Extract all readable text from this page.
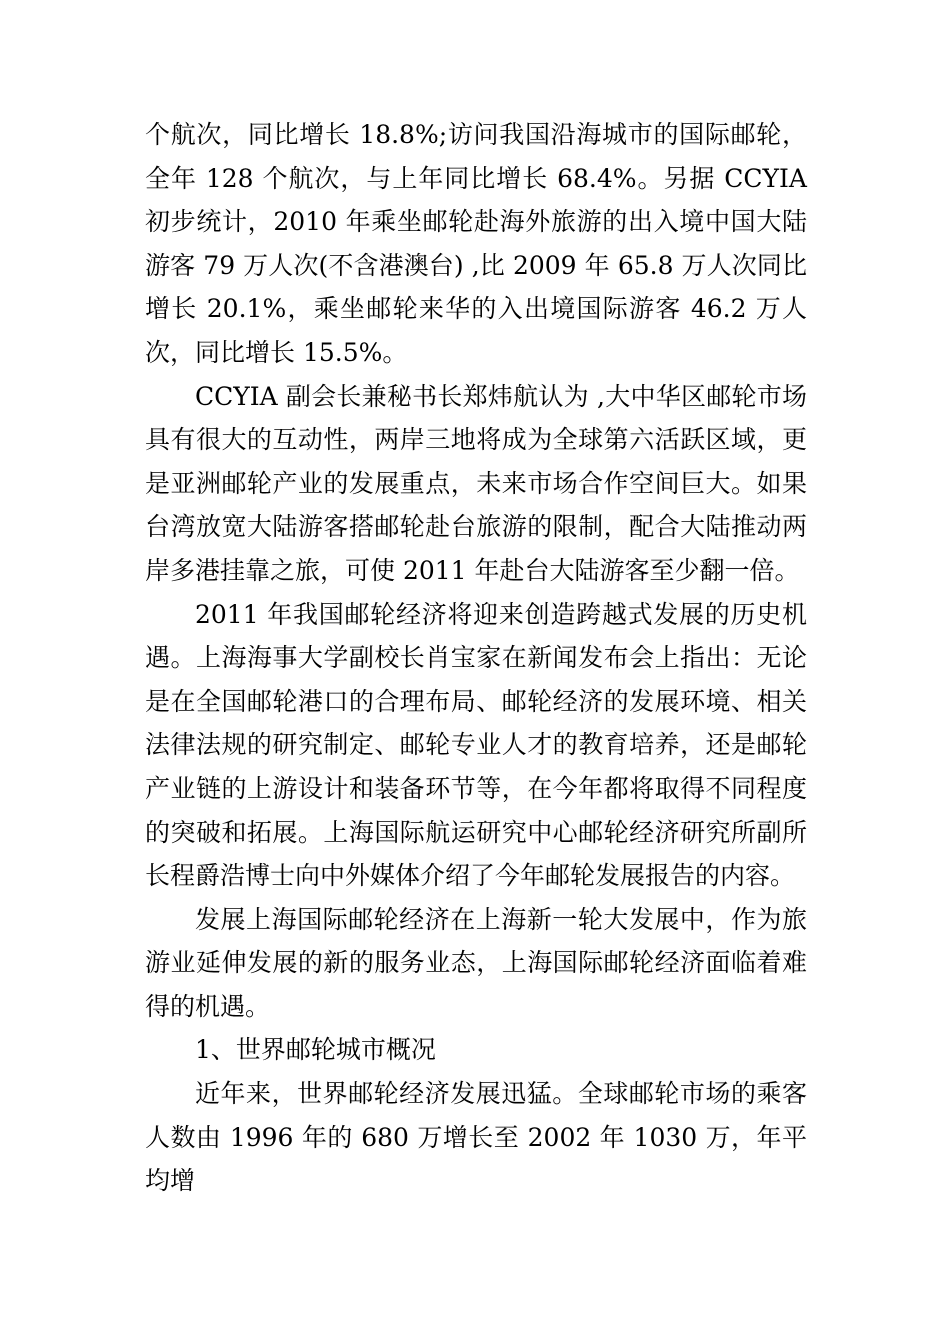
个航次，同比增长 18.8%;访问我国沿海城市的国际邮轮，全年 128 个航次，与上年同比增长 68.4%。另据 CCYIA 初步统计，2010 年乘坐邮轮赴海外旅游的出入境中国大陆游客 79 万人次(不含港澳台) ,比 2009 年 65.8 万人次同比增长 20.1%，乘坐邮轮来华的入出境国际游客 46.2 万人次，同比增长 15.5%。

CCYIA 副会长兼秘书长郑炜航认为 ,大中华区邮轮市场具有很大的互动性，两岸三地将成为全球第六活跃区域，更是亚洲邮轮产业的发展重点，未来市场合作空间巨大。如果台湾放宽大陆游客搭邮轮赴台旅游的限制，配合大陆推动两岸多港挂靠之旅，可使 2011 年赴台大陆游客至少翻一倍。

2011 年我国邮轮经济将迎来创造跨越式发展的历史机遇。上海海事大学副校长肖宝家在新闻发布会上指出：无论是在全国邮轮港口的合理布局、邮轮经济的发展环境、相关法律法规的研究制定、邮轮专业人才的教育培养，还是邮轮产业链的上游设计和装备环节等，在今年都将取得不同程度的突破和拓展。上海国际航运研究中心邮轮经济研究所副所长程爵浩博士向中外媒体介绍了今年邮轮发展报告的内容。

发展上海国际邮轮经济在上海新一轮大发展中，作为旅游业延伸发展的新的服务业态，上海国际邮轮经济面临着难得的机遇。

1、世界邮轮城市概况

近年来，世界邮轮经济发展迅猛。全球邮轮市场的乘客人数由 1996 年的 680 万增长至 2002 年 1030 万，年平均增
